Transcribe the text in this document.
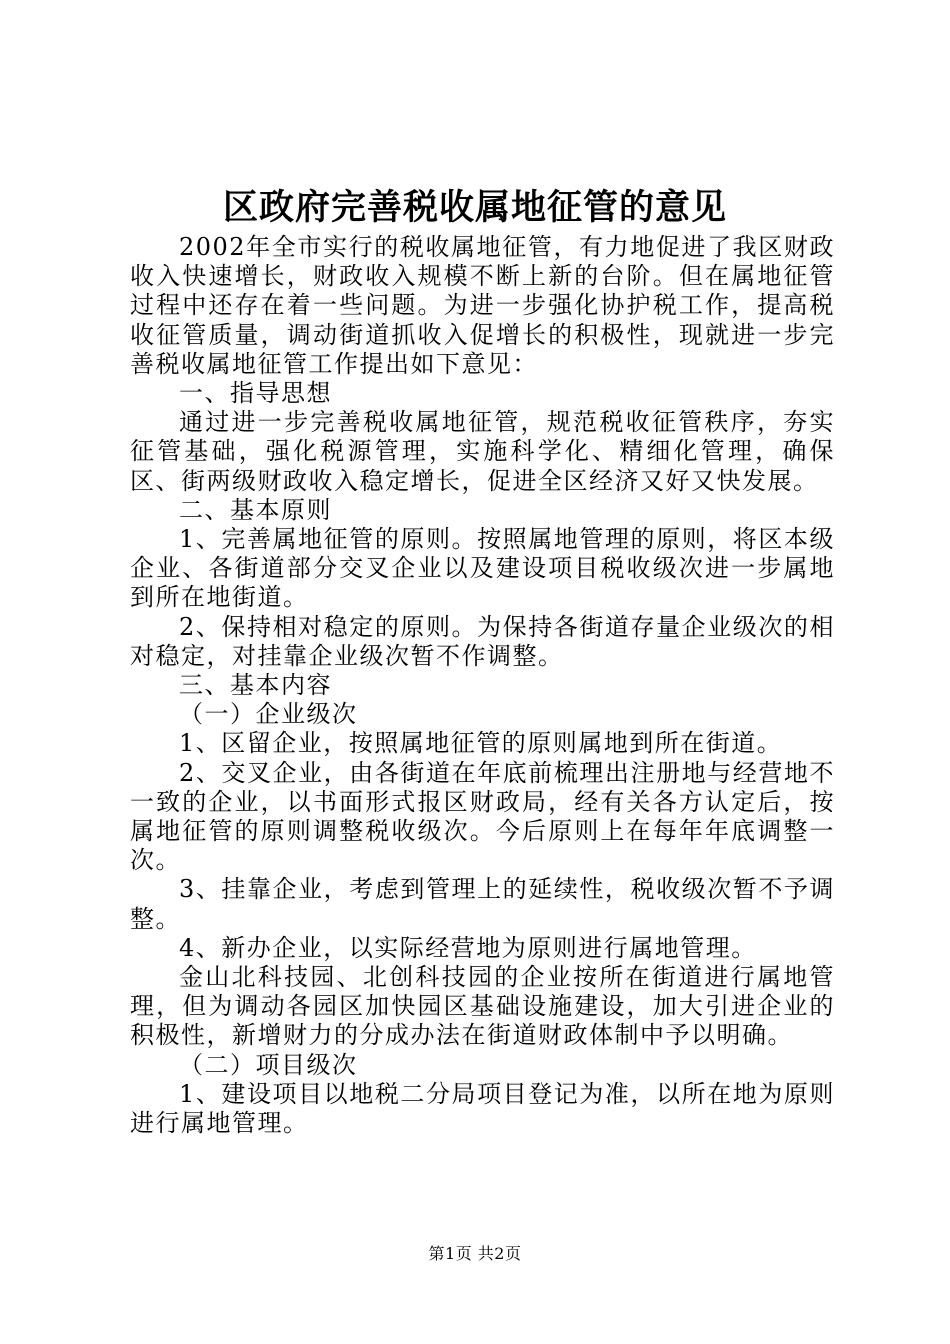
区政府完善税收属地征管的意见

2002年全市实行的税收属地征管，有力地促进了我区财政收入快速增长，财政收入规模不断上新的台阶。但在属地征管过程中还存在着一些问题。为进一步强化协护税工作，提高税收征管质量，调动街道抓收入促增长的积极性，现就进一步完善税收属地征管工作提出如下意见：

一、指导思想

通过进一步完善税收属地征管，规范税收征管秩序，夯实征管基础，强化税源管理，实施科学化、精细化管理，确保区、街两级财政收入稳定增长，促进全区经济又好又快发展。

二、基本原则

1、完善属地征管的原则。按照属地管理的原则，将区本级企业、各街道部分交叉企业以及建设项目税收级次进一步属地到所在地街道。

2、保持相对稳定的原则。为保持各街道存量企业级次的相对稳定，对挂靠企业级次暂不作调整。

三、基本内容

（一）企业级次

1、区留企业，按照属地征管的原则属地到所在街道。

2、交叉企业，由各街道在年底前梳理出注册地与经营地不一致的企业，以书面形式报区财政局，经有关各方认定后，按属地征管的原则调整税收级次。今后原则上在每年年底调整一次。

3、挂靠企业，考虑到管理上的延续性，税收级次暂不予调整。

4、新办企业，以实际经营地为原则进行属地管理。

金山北科技园、北创科技园的企业按所在街道进行属地管理，但为调动各园区加快园区基础设施建设，加大引进企业的积极性，新增财力的分成办法在街道财政体制中予以明确。

（二）项目级次

1、建设项目以地税二分局项目登记为准，以所在地为原则进行属地管理。

第1页 共2页
